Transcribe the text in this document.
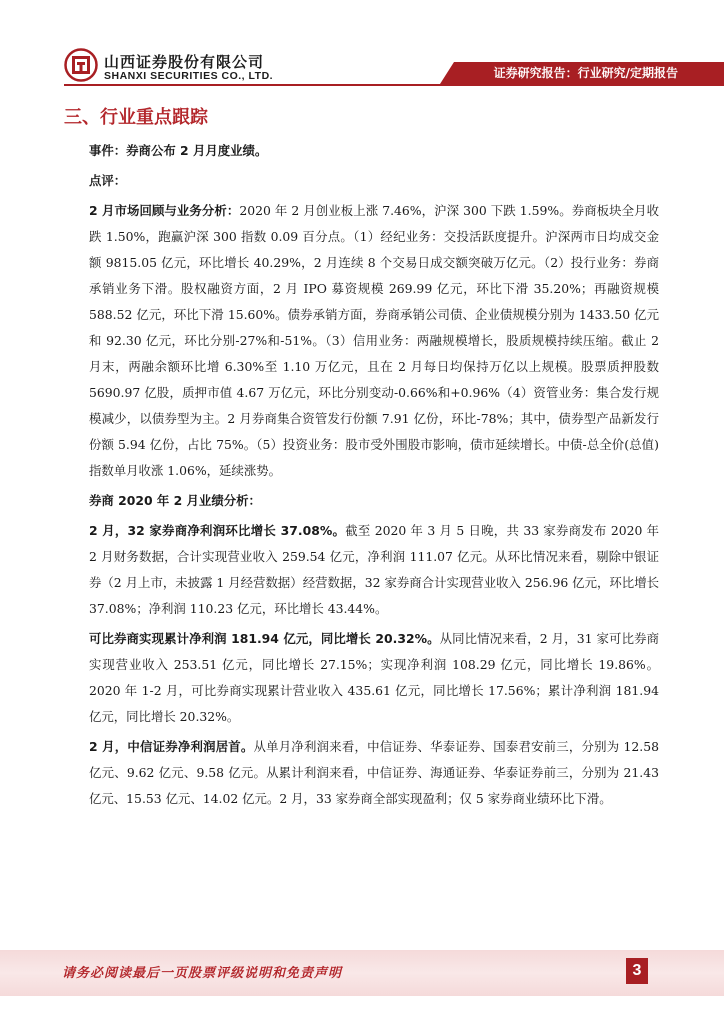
山西证券股份有限公司
SHANXI SECURITIES CO., LTD.	证券研究报告：行业研究/定期报告
三、行业重点跟踪

事件：券商公布 2 月月度业绩。

点评：

2 月市场回顾与业务分析：2020 年 2 月创业板上涨 7.46%，沪深 300 下跌 1.59%。券商板块全月收跌 1.50%，跑赢沪深 300 指数 0.09 百分点。（1）经纪业务：交投活跃度提升。沪深两市日均成交金额 9815.05 亿元，环比增长 40.29%，2 月连续 8 个交易日成交额突破万亿元。（2）投行业务：券商承销业务下滑。股权融资方面，2 月 IPO 募资规模 269.99 亿元，环比下滑 35.20%；再融资规模 588.52 亿元，环比下滑 15.60%。债券承销方面，券商承销公司债、企业债规模分别为 1433.50 亿元和 92.30 亿元，环比分别-27%和-51%。（3）信用业务：两融规模增长，股质规模持续压缩。截止 2 月末，两融余额环比增 6.30%至 1.10 万亿元，且在 2 月每日均保持万亿以上规模。股票质押股数 5690.97 亿股，质押市值 4.67 万亿元，环比分别变动-0.66%和+0.96%（4）资管业务：集合发行规模减少，以债券型为主。2 月券商集合资管发行份额 7.91 亿份，环比-78%；其中，债券型产品新发行份额 5.94 亿份，占比 75%。（5）投资业务：股市受外围股市影响，债市延续增长。中债-总全价(总值)指数单月收涨 1.06%，延续涨势。

券商 2020 年 2 月业绩分析：

2 月，32 家券商净利润环比增长 37.08%。截至 2020 年 3 月 5 日晚，共 33 家券商发布 2020 年 2 月财务数据，合计实现营业收入 259.54 亿元，净利润 111.07 亿元。从环比情况来看，剔除中银证券（2 月上市，未披露 1 月经营数据）经营数据，32 家券商合计实现营业收入 256.96 亿元，环比增长 37.08%；净利润 110.23 亿元，环比增长 43.44%。

可比券商实现累计净利润 181.94 亿元，同比增长 20.32%。从同比情况来看，2 月，31 家可比券商实现营业收入 253.51 亿元，同比增长 27.15%；实现净利润 108.29 亿元，同比增长 19.86%。2020 年 1-2 月，可比券商实现累计营业收入 435.61 亿元，同比增长 17.56%；累计净利润 181.94 亿元，同比增长 20.32%。

2 月，中信证券净利润居首。从单月净利润来看，中信证券、华泰证券、国泰君安前三，分别为 12.58 亿元、9.62 亿元、9.58 亿元。从累计利润来看，中信证券、海通证券、华泰证券前三，分别为 21.43 亿元、15.53 亿元、14.02 亿元。2 月，33 家券商全部实现盈利；仅 5 家券商业绩环比下滑。

请务必阅读最后一页股票评级说明和免责声明	3
